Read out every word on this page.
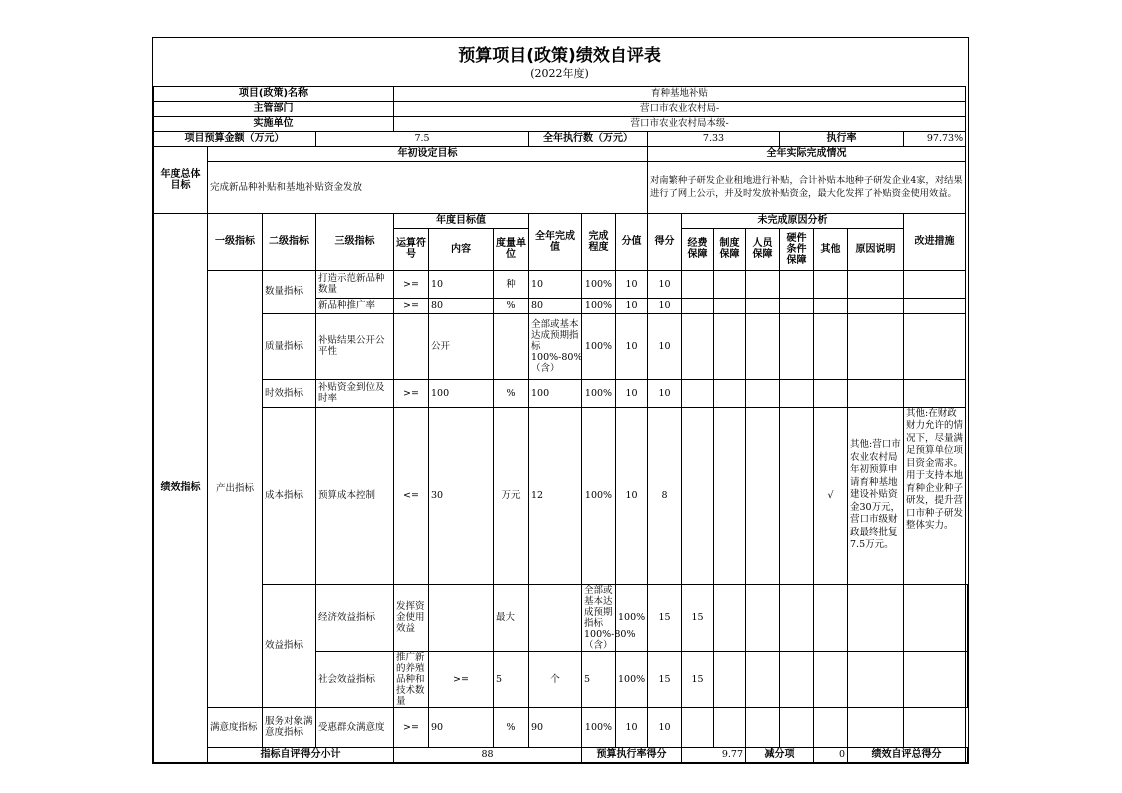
预算项目(政策)绩效自评表
(2022年度)																		

项目(政策)名称				育种基地补贴														
主管部门				营口市农业农村局-														
实施单位				营口市农业农村局本级-														
项目预算金额（万元）			7.5				全年执行数（万元）			7.33				执行率			97.73%	
年度总体目标	年初设定目标									全年实际完成情况								
	完成新品种补贴和基地补贴资金发放									对南繁种子研发企业租地进行补贴，合计补贴本地种子研发企业4家，对结果进行了网上公示，并及时发放补贴资金，最大化发挥了补贴资金使用效益。								
绩效指标	一级指标	二级指标	三级指标	年度目标值			全年完成值	完成程度	分值	得分	未完成原因分析						改进措施	
				运算符号	内容	度量单位					经费保障	制度保障	人员保障	硬件条件保障	其他	原因说明		
	产出指标	数量指标	打造示范新品种数量	>=	10	种	10	100%	10	10								
			新品种推广率	>=	80	%	80	100%	10	10								
		质量指标	补贴结果公开公平性		公开		全部或基本达成预期指标100%-80%（含）	100%	10	10								
		时效指标	补贴资金到位及时率	>=	100	%	100	100%	10	10								
		成本指标	预算成本控制	<=	30	万元	12	100%	10	8					√	其他:营口市农业农村局年初预算申请育种基地建设补贴资金30万元，营口市级财政最终批复7.5万元。	其他:在财政财力允许的情况下，尽量满足预算单位项目资金需求。用于支持本地育种企业种子研发，提升营口市种子研发整体实力。	
		效益指标	经济效益指标	发挥资金使用效益		最大		全部或基本达成预期指标100%-80%（含）	100%	15	15							
			社会效益指标	推广新的养殖品种和技术数量	>=	5	个	5	100%	15	15							
	满意度指标	服务对象满意度指标	受惠群众满意度	>=	90	%	90	100%	10	10								
	指标自评得分小计			88				预算执行率得分			9.77		减分项		0	绩效自评总得分	
